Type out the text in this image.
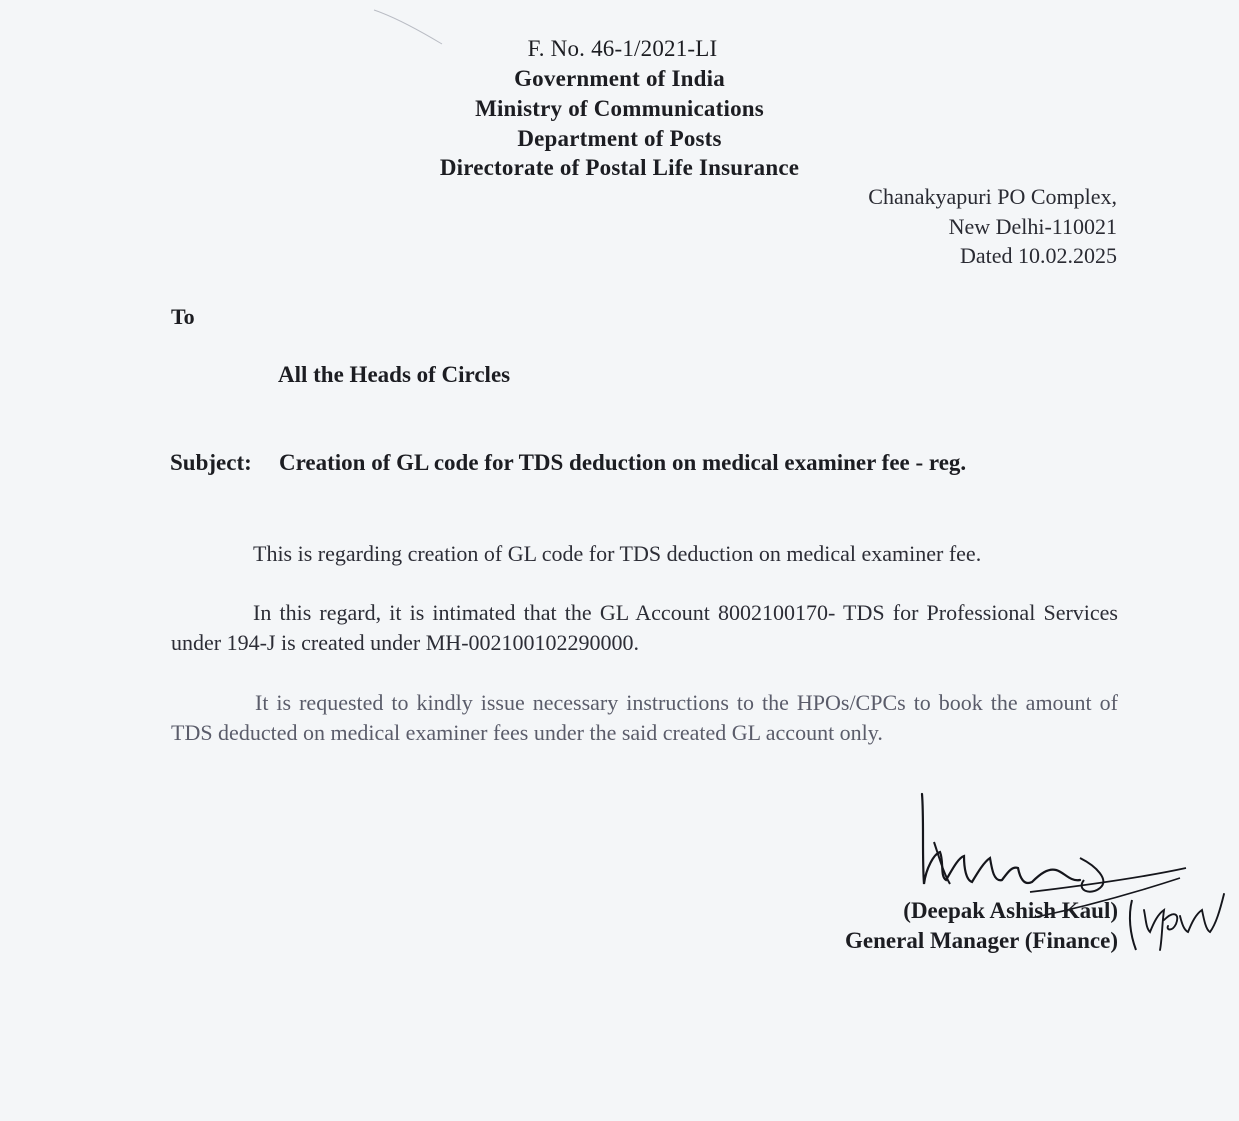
F. No. 46-1/2021-LI
Government of India
Ministry of Communications
Department of Posts
Directorate of Postal Life Insurance
Chanakyapuri PO Complex,
New Delhi-110021
Dated 10.02.2025
To
All the Heads of Circles
Subject: Creation of GL code for TDS deduction on medical examiner fee - reg.
This is regarding creation of GL code for TDS deduction on medical examiner fee.
In this regard, it is intimated that the GL Account 8002100170- TDS for Professional Services under 194-J is created under MH-002100102290000.
It is requested to kindly issue necessary instructions to the HPOs/CPCs to book the amount of TDS deducted on medical examiner fees under the said created GL account only.
(Deepak Ashish Kaul)
General Manager (Finance)
